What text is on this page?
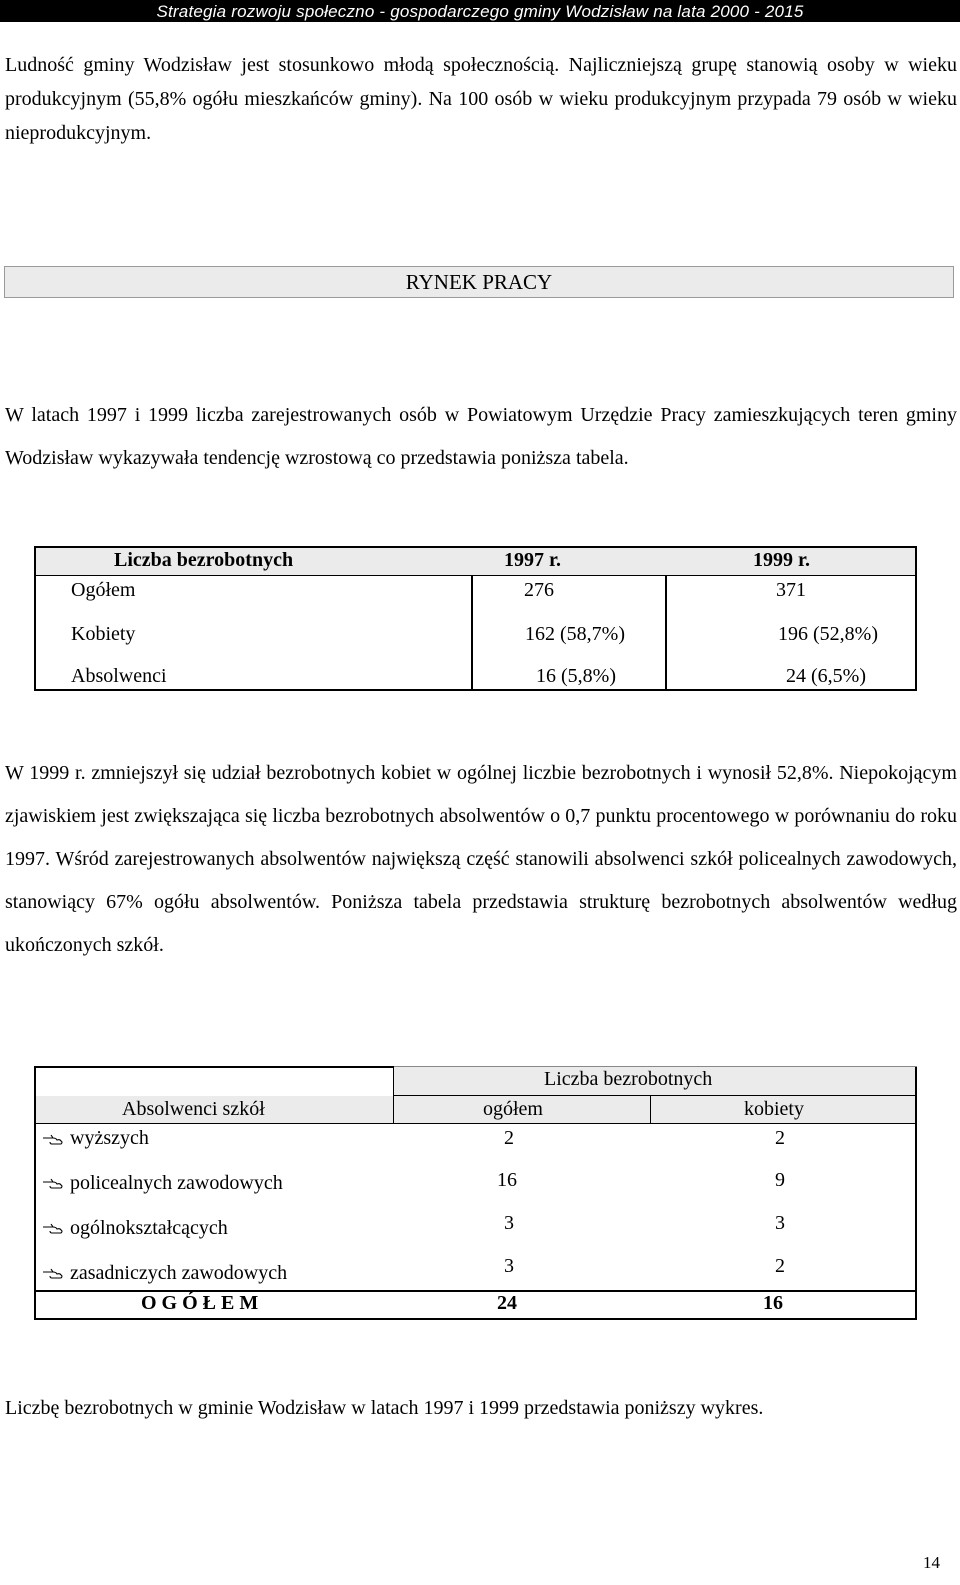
Strategia rozwoju społeczno - gospodarczego gminy Wodzisław na lata 2000 - 2015

Ludność gminy Wodzisław jest stosunkowo młodą społecznością. Najliczniejszą grupę stanowią osoby w wieku produkcyjnym (55,8% ogółu mieszkańców gminy). Na 100 osób w wieku produkcyjnym przypada 79 osób w wieku nieprodukcyjnym.

RYNEK PRACY

W latach 1997 i 1999 liczba zarejestrowanych osób w Powiatowym Urzędzie Pracy zamieszkujących teren gminy Wodzisław wykazywała tendencję wzrostową co przedstawia poniższa tabela.

Liczba bezrobotnych	1997 r.	1999 r.
Ogółem	276	371
Kobiety	162 (58,7%)	196 (52,8%)
Absolwenci	16 (5,8%)	24 (6,5%)

W 1999 r. zmniejszył się udział bezrobotnych kobiet w ogólnej liczbie bezrobotnych i wynosił 52,8%. Niepokojącym zjawiskiem jest zwiększająca się liczba bezrobotnych absolwentów o 0,7 punktu procentowego w porównaniu do roku 1997. Wśród zarejestrowanych absolwentów największą część stanowili absolwenci szkół policealnych zawodowych, stanowiący 67% ogółu absolwentów. Poniższa tabela przedstawia strukturę bezrobotnych absolwentów według ukończonych szkół.

Liczba bezrobotnych
Absolwenci szkół	ogółem	kobiety
wyższych	2	2
policealnych zawodowych	16	9
ogólnokształcących	3	3
zasadniczych zawodowych	3	2
O G Ó Ł E M	24	16

Liczbę bezrobotnych w gminie Wodzisław w latach 1997 i 1999 przedstawia poniższy wykres.

14
